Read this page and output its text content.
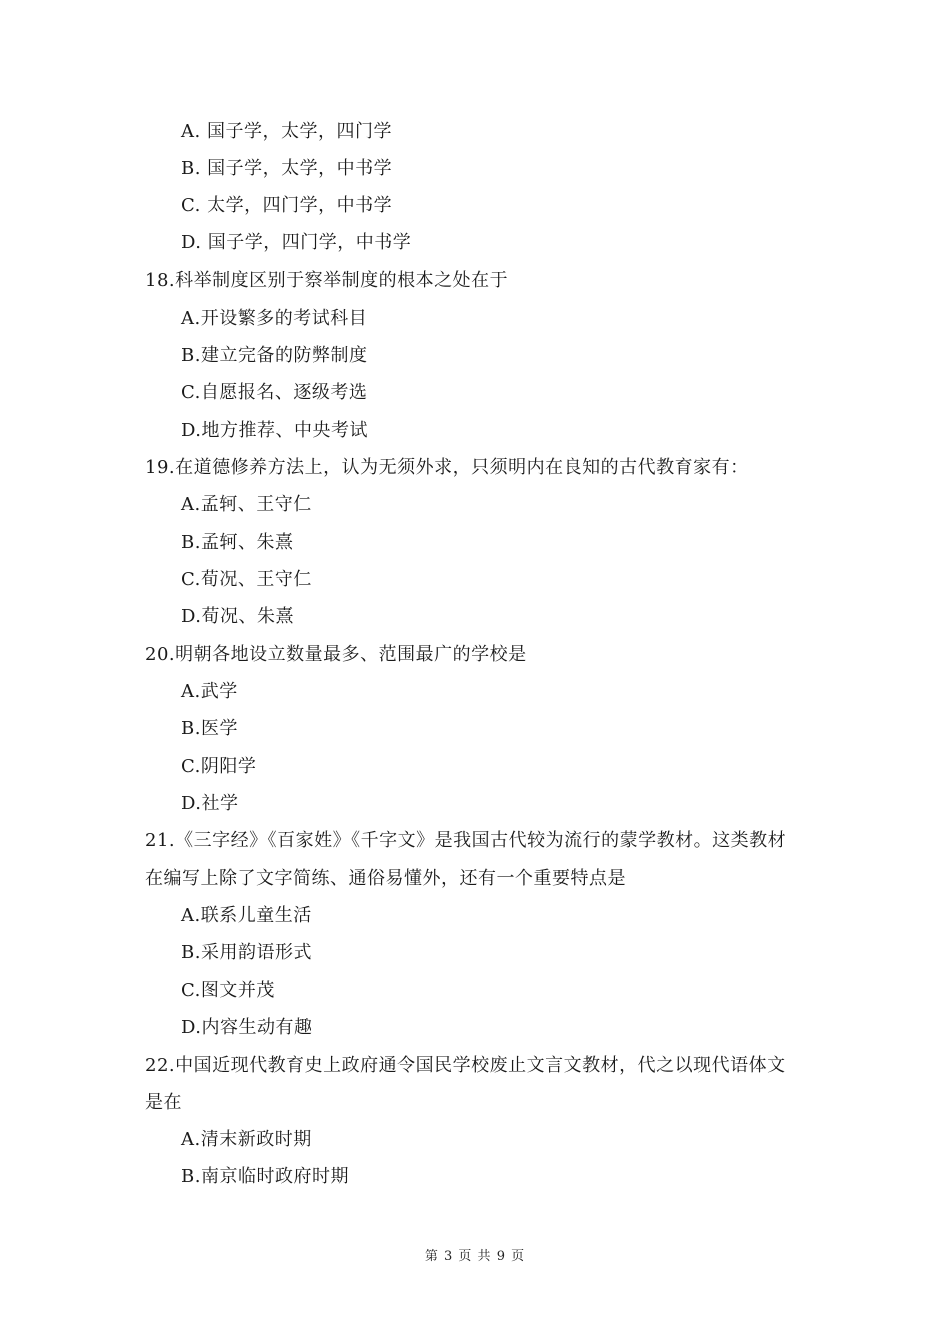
A. 国子学，太学，四门学
B. 国子学，太学，中书学
C. 太学，四门学，中书学
D. 国子学，四门学，中书学
18.科举制度区别于察举制度的根本之处在于
A.开设繁多的考试科目
B.建立完备的防弊制度
C.自愿报名、逐级考选
D.地方推荐、中央考试
19.在道德修养方法上，认为无须外求，只须明内在良知的古代教育家有：
A.孟轲、王守仁
B.孟轲、朱熹
C.荀况、王守仁
D.荀况、朱熹
20.明朝各地设立数量最多、范围最广的学校是
A.武学
B.医学
C.阴阳学
D.社学
21.《三字经》《百家姓》《千字文》是我国古代较为流行的蒙学教材。这类教材
在编写上除了文字简练、通俗易懂外，还有一个重要特点是
A.联系儿童生活
B.采用韵语形式
C.图文并茂
D.内容生动有趣
22.中国近现代教育史上政府通令国民学校废止文言文教材，代之以现代语体文
是在
A.清末新政时期
B.南京临时政府时期
第 3 页 共 9 页
